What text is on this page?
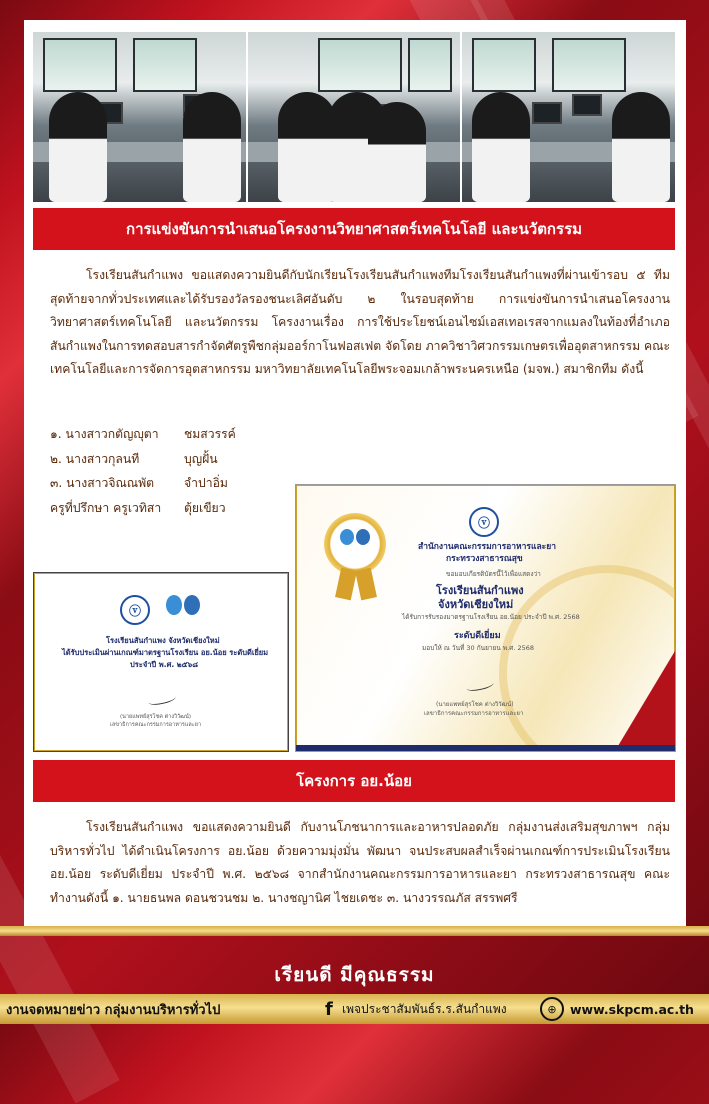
การแข่งขันการนำเสนอโครงงานวิทยาศาสตร์เทคโนโลยี และนวัตกรรม
โรงเรียนสันกำแพง ขอแสดงความยินดีกับนักเรียนโรงเรียนสันกำแพงทีมโรงเรียนสันกำแพงที่ผ่านเข้ารอบ ๕ ทีมสุดท้ายจากทั่วประเทศและได้รับรองวัลรองชนะเลิศอันดับ ๒ ในรอบสุดท้าย การแข่งขันการนำเสนอโครงงานวิทยาศาสตร์เทคโนโลยี และนวัตกรรม โครงงานเรื่อง การใช้ประโยชน์เอนไซม์เอสเทอเรสจากแมลงในท้องที่อำเภอสันกำแพงในการทดสอบสารกำจัดศัตรูพืชกลุ่มออร์กาโนฟอสเฟต จัดโดย ภาควิชาวิศวกรรมเกษตรเพื่ออุตสาหกรรม คณะเทคโนโลยีและการจัดการอุตสาหกรรม มหาวิทยาลัยเทคโนโลยีพระจอมเกล้าพระนครเหนือ (มจพ.) สมาชิกทีม ดังนี้
๑. นางสาวกตัญญุตา	ชมสวรรค์
๒. นางสาวกุลนที	บุญฝั้น
๓. นางสาวจิณณพัต	จำปาอิ่ม
ครูที่ปรึกษา ครูเวทิสา	ตุ้ยเขียว
ⓥ
สำนักงานคณะกรรมการอาหารและยา
กระทรวงสาธารณสุข
ขอมอบเกียรติบัตรนี้ไว้เพื่อแสดงว่า
โรงเรียนสันกำแพง
จังหวัดเชียงใหม่
ได้รับการรับรองมาตรฐานโรงเรียน อย.น้อย ประจำปี พ.ศ. 2568
ระดับดีเยี่ยม
มอบให้ ณ วันที่ 30 กันยายน พ.ศ. 2568
(นายแพทย์สุรโชค ต่างวิวัฒน์)
เลขาธิการคณะกรรมการอาหารและยา
ⓥ
โรงเรียนสันกำแพง จังหวัดเชียงใหม่
ได้รับประเมินผ่านเกณฑ์มาตรฐานโรงเรียน อย.น้อย ระดับดีเยี่ยม
ประจำปี พ.ศ. ๒๕๖๘
(นายแพทย์สุรโชค ต่างวิวัฒน์)
เลขาธิการคณะกรรมการอาหารและยา
โครงการ อย.น้อย
โรงเรียนสันกำแพง ขอแสดงความยินดี กับงานโภชนาการและอาหารปลอดภัย กลุ่มงานส่งเสริมสุขภาพฯ กลุ่มบริหารทั่วไป ได้ดำเนินโครงการ อย.น้อย ด้วยความมุ่งมั่น พัฒนา จนประสบผลสำเร็จผ่านเกณฑ์การประเมินโรงเรียน อย.น้อย ระดับดีเยี่ยม ประจำปี พ.ศ. ๒๕๖๘ จากสำนักงานคณะกรรมการอาหารและยา กระทรวงสาธารณสุข คณะทำงานดังนี้ ๑. นายธนพล ดอนชวนชม ๒. นางชญานิศ ไชยเดชะ ๓. นางวรรณภัส สรรพศรี
เรียนดี มีคุณธรรม
งานจดหมายข่าว กลุ่มงานบริหารทั่วไป	f เพจประชาสัมพันธ์ร.ร.สันกำแพง	⊕	www.skpcm.ac.th
